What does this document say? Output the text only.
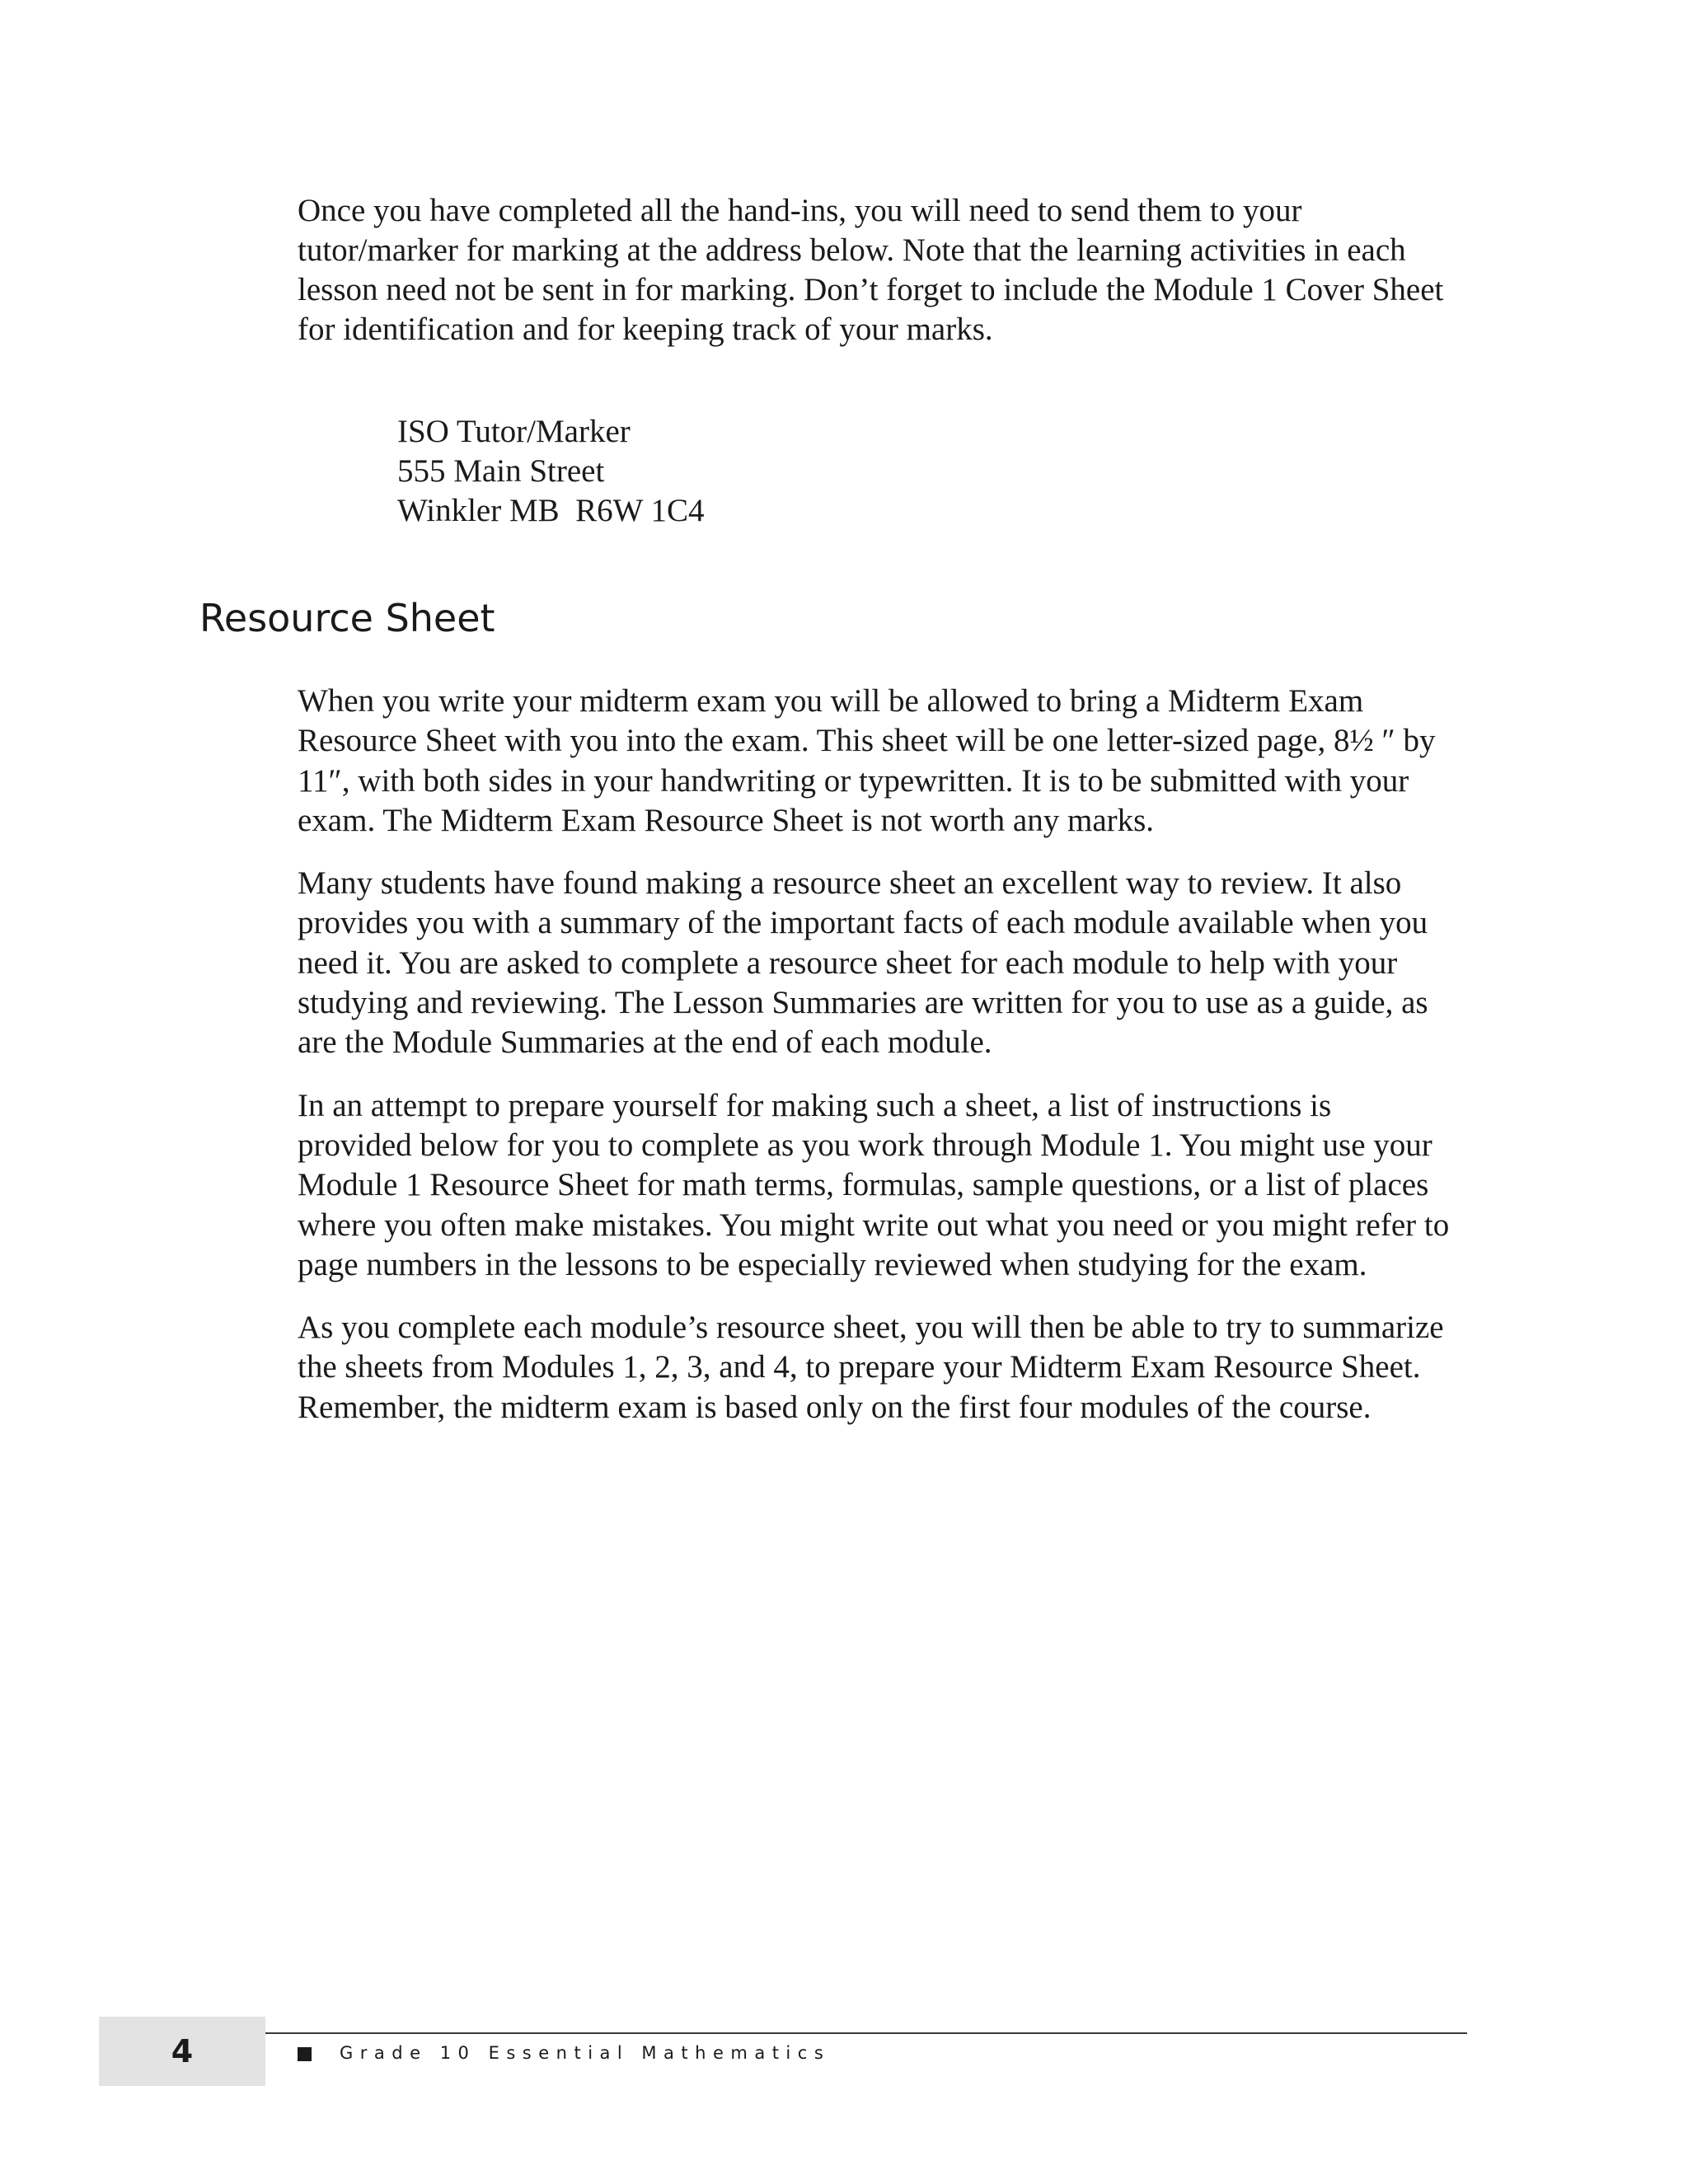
Once you have completed all the hand-ins, you will need to send them to your tutor/marker for marking at the address below. Note that the learning activities in each lesson need not be sent in for marking. Don’t forget to include the Module 1 Cover Sheet for identification and for keeping track of your marks.

ISO Tutor/Marker
555 Main Street
Winkler MB  R6W 1C4
Resource Sheet

When you write your midterm exam you will be allowed to bring a Midterm Exam Resource Sheet with you into the exam. This sheet will be one letter-sized page, 8½ ″ by 11″, with both sides in your handwriting or typewritten. It is to be submitted with your exam. The Midterm Exam Resource Sheet is not worth any marks.

Many students have found making a resource sheet an excellent way to review. It also provides you with a summary of the important facts of each module available when you need it. You are asked to complete a resource sheet for each module to help with your studying and reviewing. The Lesson Summaries are written for you to use as a guide, as are the Module Summaries at the end of each module.

In an attempt to prepare yourself for making such a sheet, a list of instructions is provided below for you to complete as you work through Module 1. You might use your Module 1 Resource Sheet for math terms, formulas, sample questions, or a list of places where you often make mistakes. You might write out what you need or you might refer to page numbers in the lessons to be especially reviewed when studying for the exam.

As you complete each module’s resource sheet, you will then be able to try to summarize the sheets from Modules 1, 2, 3, and 4, to prepare your Midterm Exam Resource Sheet. Remember, the midterm exam is based only on the first four modules of the course.

4	Grade 10 Essential Mathematics
